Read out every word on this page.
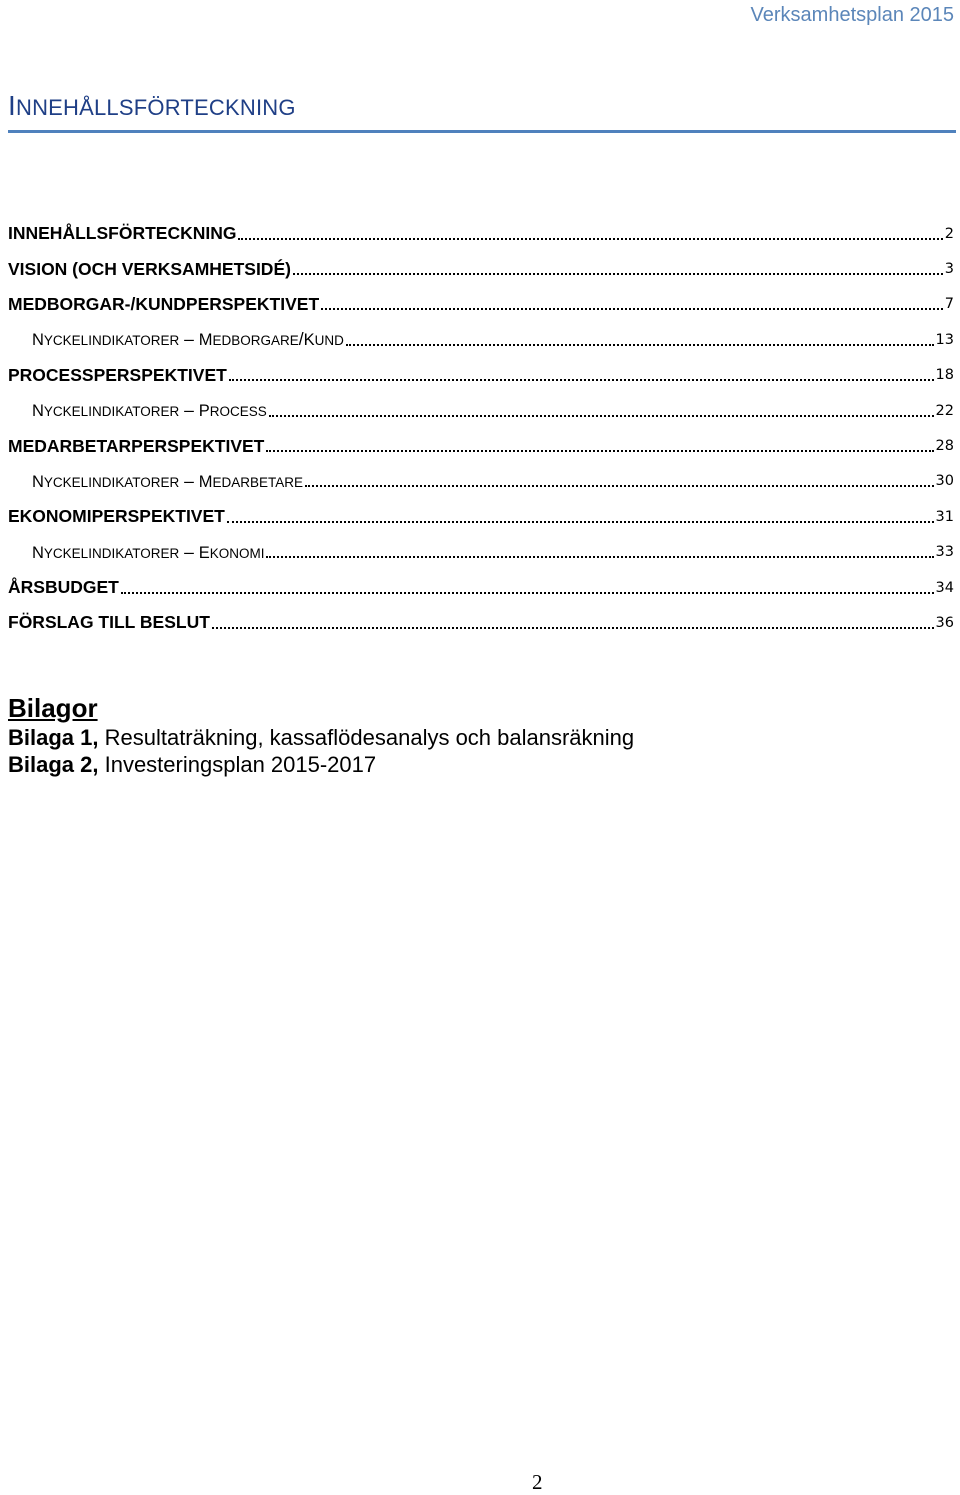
Verksamhetsplan 2015
INNEHÅLLSFÖRTECKNING
INNEHÅLLSFÖRTECKNING	2
VISION (OCH VERKSAMHETSIDÉ)	3
MEDBORGAR-/KUNDPERSPEKTIVET	7
NYCKELINDIKATORER – MEDBORGARE/KUND	13
PROCESSPERSPEKTIVET	18
NYCKELINDIKATORER – PROCESS	22
MEDARBETARPERSPEKTIVET	28
NYCKELINDIKATORER – MEDARBETARE	30
EKONOMIPERSPEKTIVET	31
NYCKELINDIKATORER – EKONOMI	33
ÅRSBUDGET	34
FÖRSLAG TILL BESLUT	36
Bilagor
Bilaga 1, Resultaträkning, kassaflödesanalys och balansräkning
Bilaga 2, Investeringsplan 2015-2017
2
